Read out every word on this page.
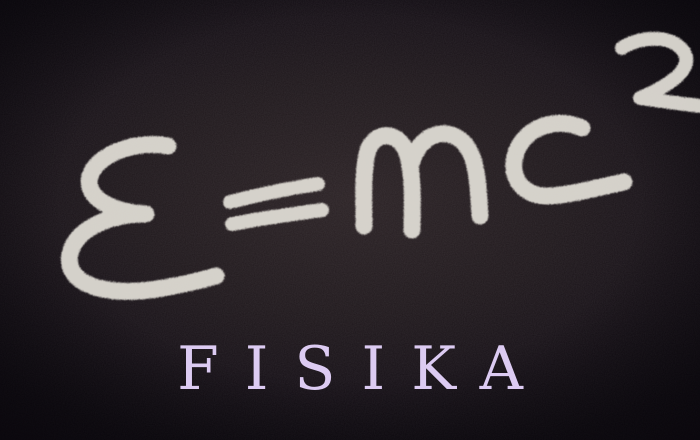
FISIKA
